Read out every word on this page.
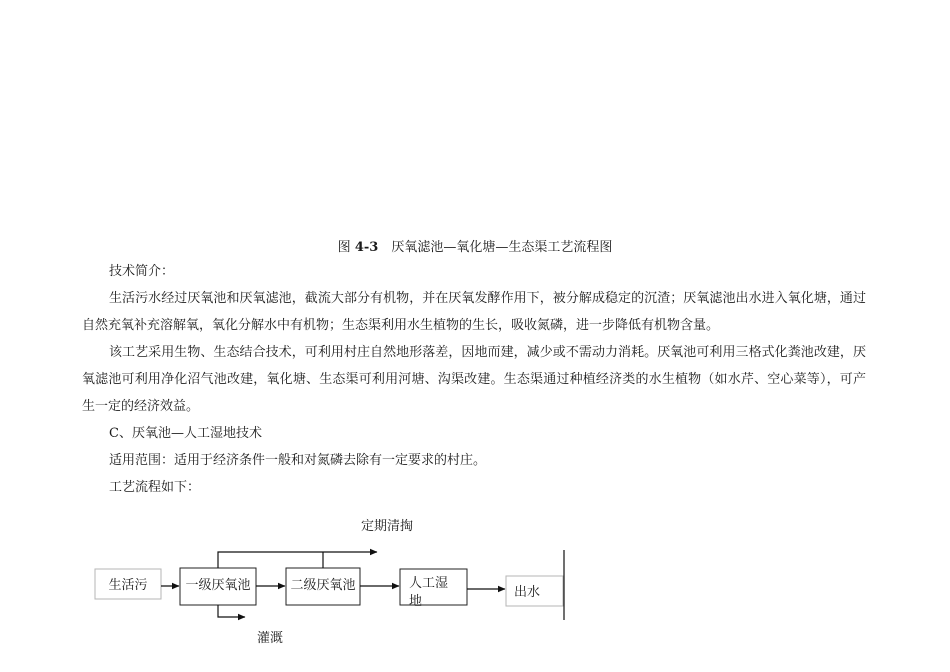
图 4-3  厌氧滤池—氧化塘—生态渠工艺流程图
技术简介：
生活污水经过厌氧池和厌氧滤池，截流大部分有机物，并在厌氧发酵作用下，被分解成稳定的沉渣；厌氧滤池出水进入氧化塘，通过自然充氧补充溶解氧，氧化分解水中有机物；生态渠利用水生植物的生长，吸收氮磷，进一步降低有机物含量。
该工艺采用生物、生态结合技术，可利用村庄自然地形落差，因地而建，减少或不需动力消耗。厌氧池可利用三格式化粪池改建，厌氧滤池可利用净化沼气池改建，氧化塘、生态渠可利用河塘、沟渠改建。生态渠通过种植经济类的水生植物（如水芹、空心菜等），可产生一定的经济效益。
C、厌氧池—人工湿地技术
适用范围：适用于经济条件一般和对氮磷去除有一定要求的村庄。
工艺流程如下：
定期清掏
生活污	一级厌氧池	二级厌氧池	人工湿
地
出水
灌溉
